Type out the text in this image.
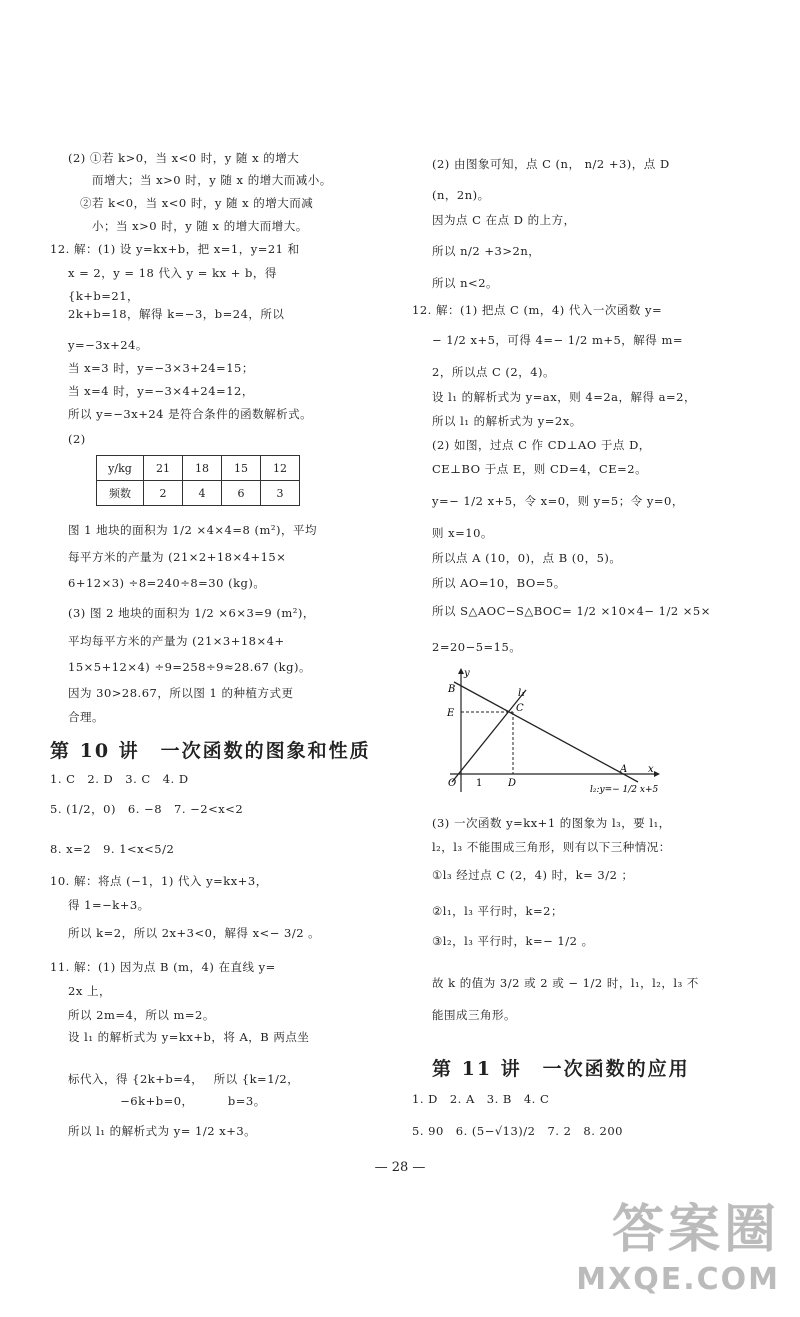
(2) ①若 k>0，当 x<0 时，y 随 x 的增大
而增大；当 x>0 时，y 随 x 的增大而减小。
②若 k<0，当 x<0 时，y 随 x 的增大而减
小；当 x>0 时，y 随 x 的增大而增大。
12. 解：(1) 设 y=kx+b，把 x=1，y=21 和
x = 2，y = 18 代入 y = kx + b，得
{k+b=21，
2k+b=18，解得 k=−3，b=24，所以
y=−3x+24。
当 x=3 时，y=−3×3+24=15；
当 x=4 时，y=−3×4+24=12，
所以 y=−3x+24 是符合条件的函数解析式。
(2)
y/kg	21	18	15	12
频数	2	4	6	3
图 1 地块的面积为 1/2 ×4×4=8 (m²)，平均
每平方米的产量为 (21×2+18×4+15×
6+12×3) ÷8=240÷8=30 (kg)。
(3) 图 2 地块的面积为 1/2 ×6×3=9 (m²)，
平均每平方米的产量为 (21×3+18×4+
15×5+12×4) ÷9=258÷9≈28.67 (kg)。
因为 30>28.67，所以图 1 的种植方式更
合理。
第 10 讲　一次函数的图象和性质
1. C　2. D　3. C　4. D
5. (1/2，0)　6. −8　7. −2<x<2
8. x=2　9. 1<x<5/2
10. 解：将点 (−1，1) 代入 y=kx+3，
得 1=−k+3。
所以 k=2，所以 2x+3<0，解得 x<− 3/2 。
11. 解：(1) 因为点 B (m，4) 在直线 y=
2x 上，
所以 2m=4，所以 m=2。
设 l₁ 的解析式为 y=kx+b，将 A，B 两点坐
标代入，得 {2k+b=4，　 所以 {k=1/2，
　　　　 −6k+b=0，　　　 b=3。
所以 l₁ 的解析式为 y= 1/2 x+3。
(2) 由图象可知，点 C (n， n/2 +3)，点 D
(n，2n)。
因为点 C 在点 D 的上方，
所以 n/2 +3>2n，
所以 n<2。
12. 解：(1) 把点 C (m，4) 代入一次函数 y=
− 1/2 x+5，可得 4=− 1/2 m+5，解得 m=
2，所以点 C (2，4)。
设 l₁ 的解析式为 y=ax，则 4=2a，解得 a=2，
所以 l₁ 的解析式为 y=2x。
(2) 如图，过点 C 作 CD⊥AO 于点 D，
CE⊥BO 于点 E，则 CD=4，CE=2。
y=− 1/2 x+5，令 x=0，则 y=5；令 y=0，
则 x=10。
所以点 A (10，0)，点 B (0，5)。
所以 AO=10，BO=5。
所以 S△AOC−S△BOC= 1/2 ×10×4− 1/2 ×5×
2=20−5=15。
y
B
E	C
l₁
O 1	D
A x
l₂:y=− 1/2 x+5
(3) 一次函数 y=kx+1 的图象为 l₃，要 l₁，
l₂，l₃ 不能围成三角形，则有以下三种情况：
①l₃ 经过点 C (2，4) 时，k= 3/2 ；
②l₁，l₃ 平行时，k=2；
③l₂，l₃ 平行时，k=− 1/2 。
故 k 的值为 3/2 或 2 或 − 1/2 时，l₁，l₂，l₃ 不
能围成三角形。
第 11 讲　一次函数的应用
1. D　2. A　3. B　4. C
5. 90　6. (5−√13)/2　7. 2　8. 200
— 28 —
答案圈
MXQE.COM
